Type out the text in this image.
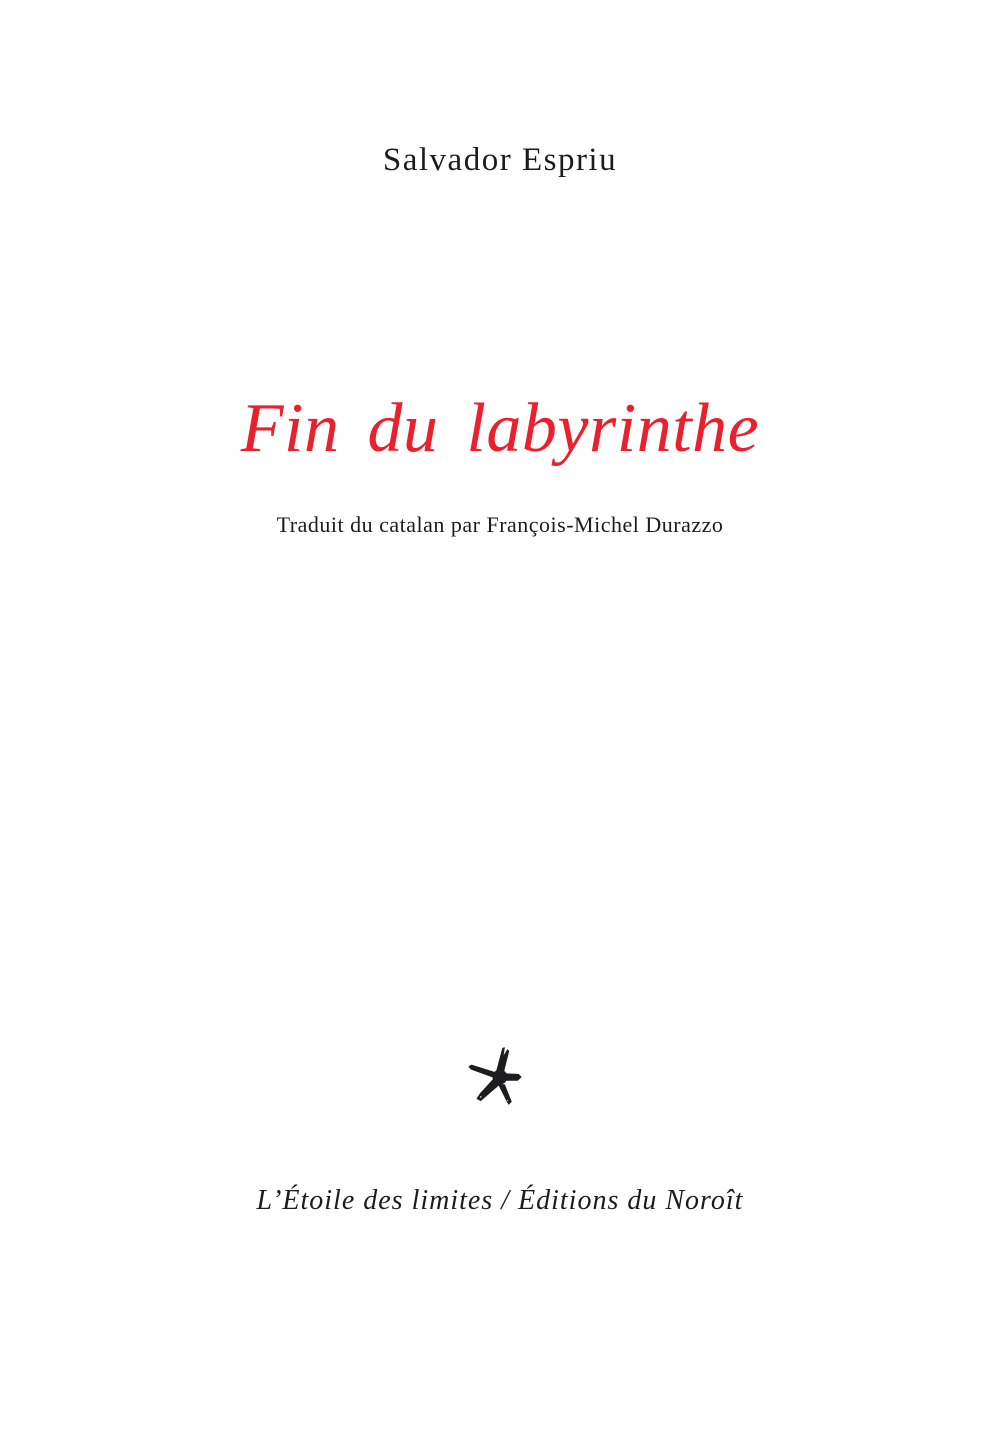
Salvador Espriu
Fin du labyrinthe
Traduit du catalan par François-Michel Durazzo
L’Étoile des limites / Éditions du Noroît
